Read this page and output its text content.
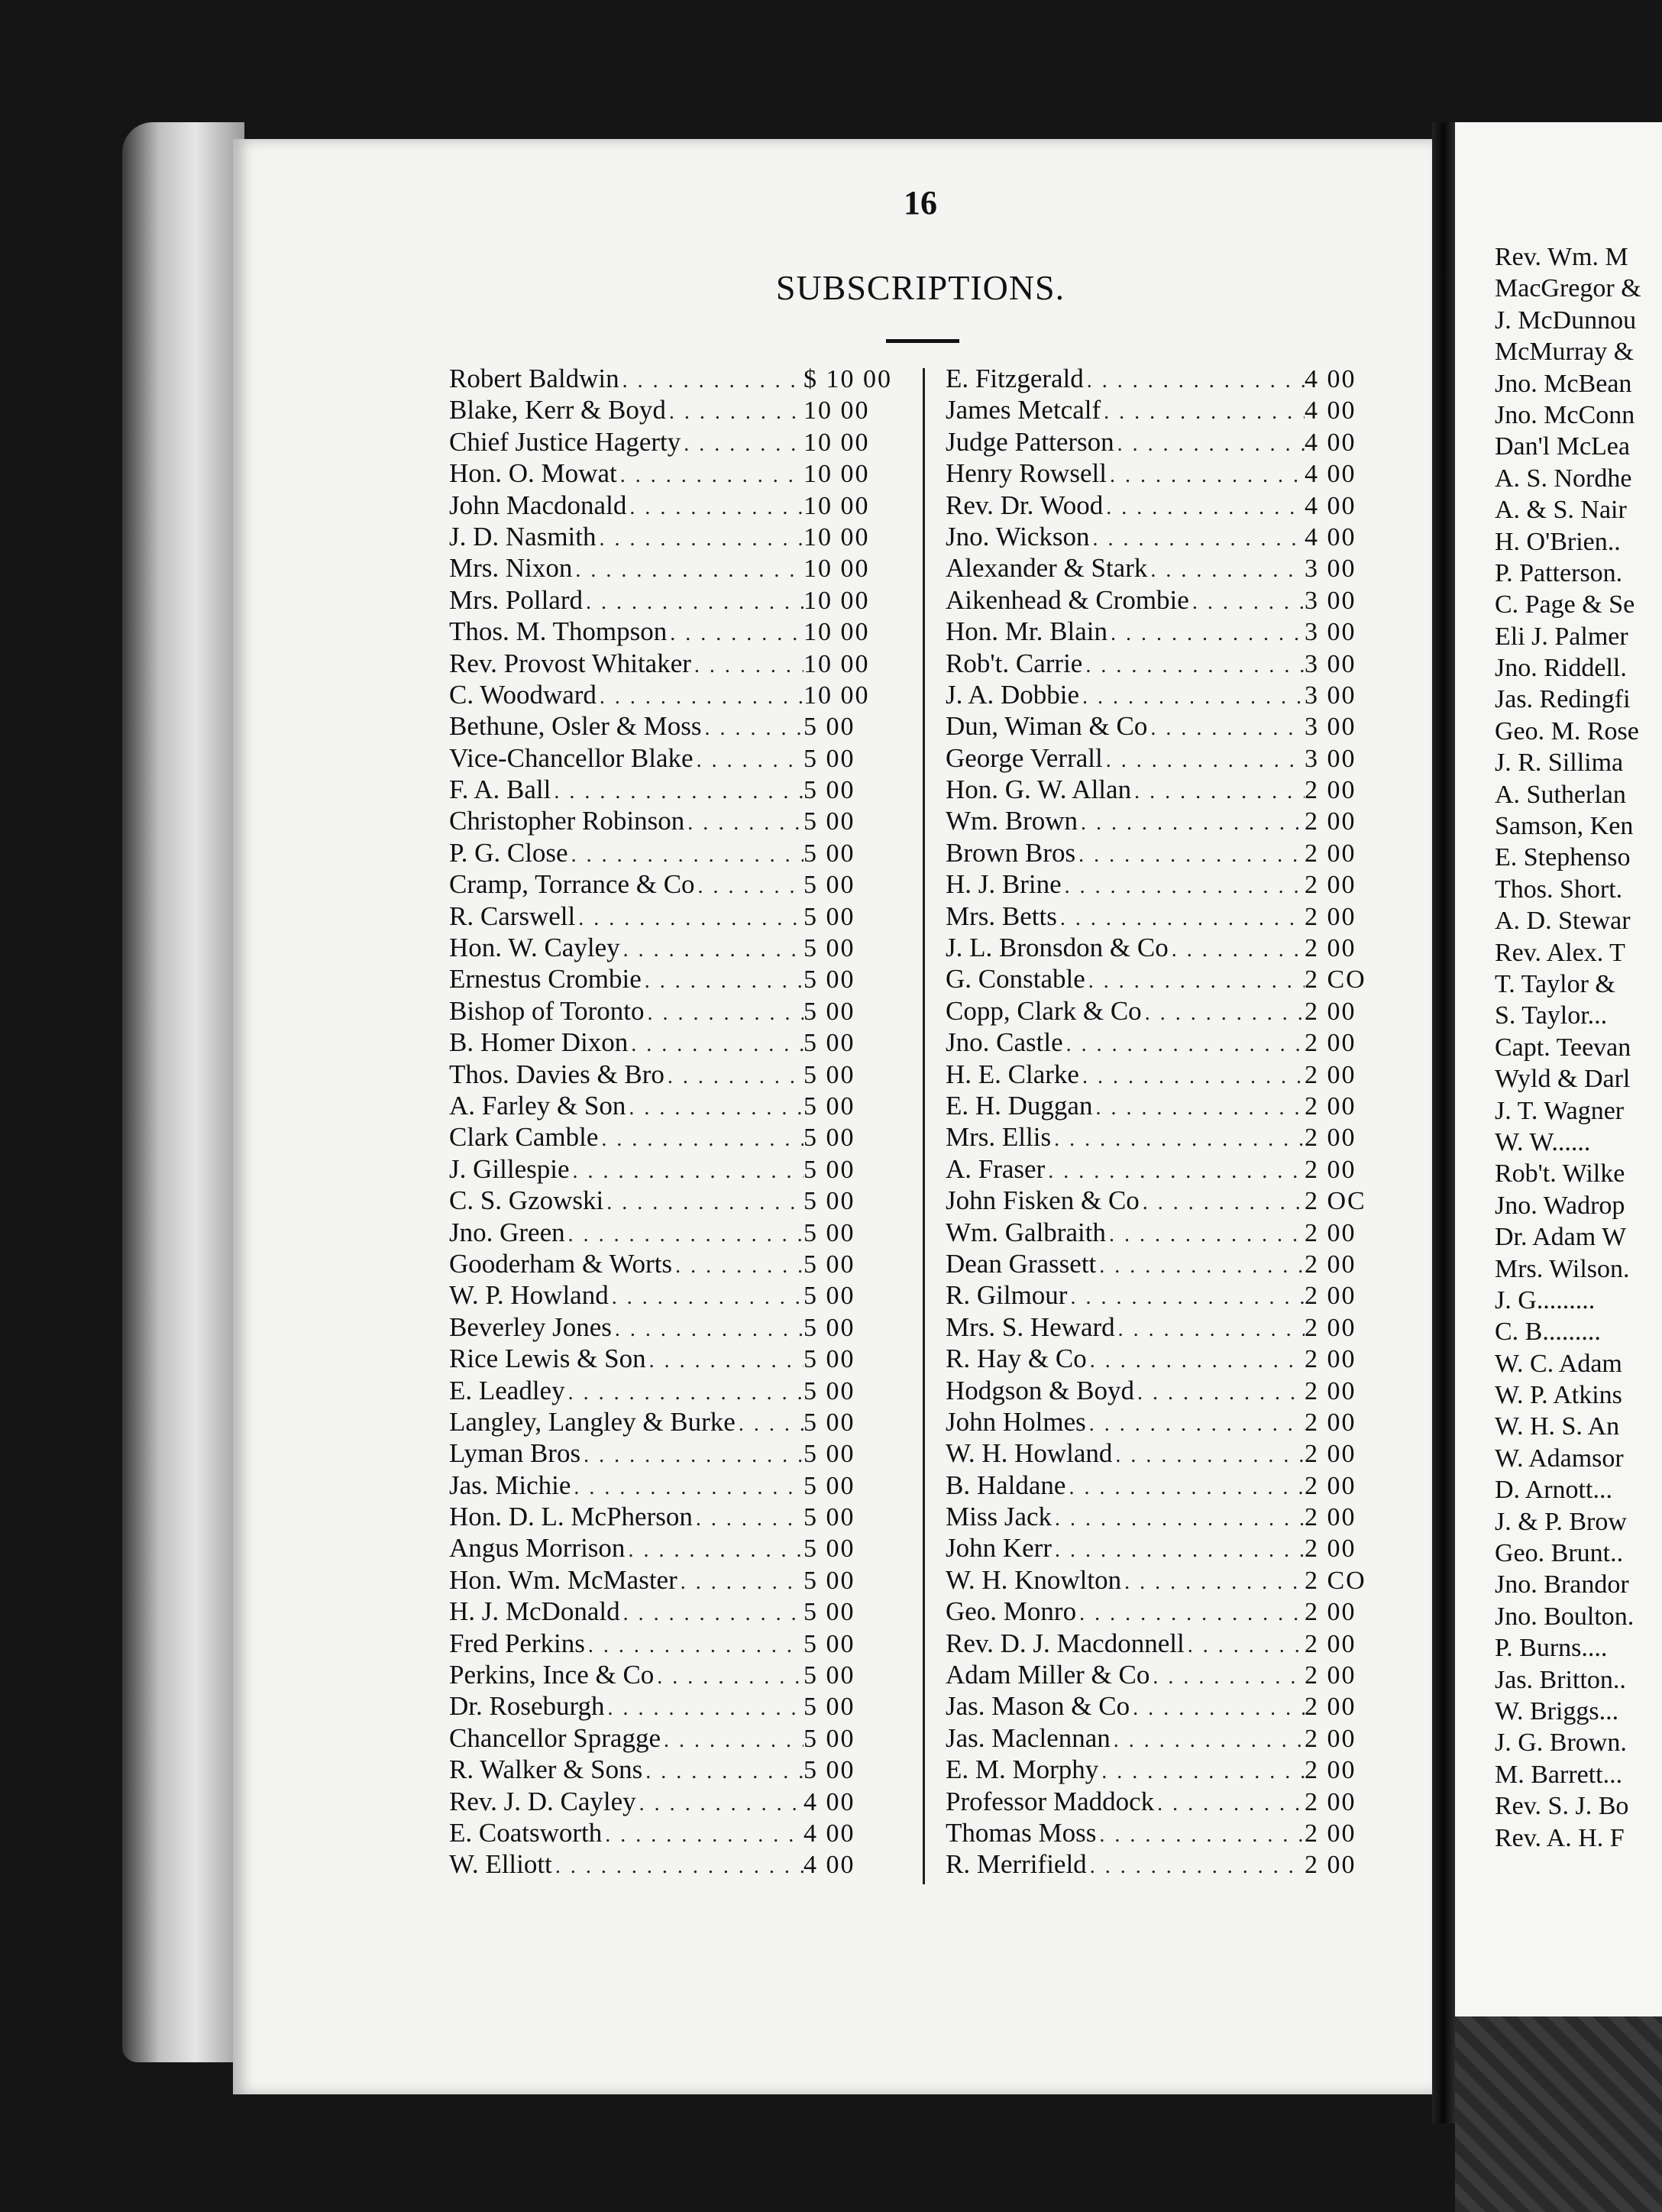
16
SUBSCRIPTIONS.
Robert Baldwin . . .	$ 10 00
Blake, Kerr & Boyd . . .	10 00
Chief Justice Hagerty . . .	10 00
Hon. O. Mowat . . .	10 00
John Macdonald . . .	10 00
J. D. Nasmith . . .	10 00
Mrs. Nixon . . .	10 00
Mrs. Pollard . . .	10 00
Thos. M. Thompson . . .	10 00
Rev. Provost Whitaker . . .	10 00
C. Woodward . . .	10 00
Bethune, Osler & Moss . . .	5 00
Vice-Chancellor Blake . . .	5 00
F. A. Ball . . .	5 00
Christopher Robinson . . .	5 00
P. G. Close . . .	5 00
Cramp, Torrance & Co . . .	5 00
R. Carswell . . .	5 00
Hon. W. Cayley . . .	5 00
Ernestus Crombie . . .	5 00
Bishop of Toronto . . .	5 00
B. Homer Dixon . . .	5 00
Thos. Davies & Bro . . .	5 00
A. Farley & Son . . .	5 00
Clark Camble . . .	5 00
J. Gillespie . . .	5 00
C. S. Gzowski . . .	5 00
Jno. Green . . .	5 00
Gooderham & Worts . . .	5 00
W. P. Howland . . .	5 00
Beverley Jones . . .	5 00
Rice Lewis & Son . . .	5 00
E. Leadley . . .	5 00
Langley, Langley & Burke . . .	5 00
Lyman Bros . . .	5 00
Jas. Michie . . .	5 00
Hon. D. L. McPherson . . .	5 00
Angus Morrison . . .	5 00
Hon. Wm. McMaster . . .	5 00
H. J. McDonald . . .	5 00
Fred Perkins . . .	5 00
Perkins, Ince & Co . . .	5 00
Dr. Roseburgh . . .	5 00
Chancellor Spragge . . .	5 00
R. Walker & Sons . . .	5 00
Rev. J. D. Cayley . . .	4 00
E. Coatsworth . . .	4 00
W. Elliott . . .	4 00
E. Fitzgerald . . .	4 00
James Metcalf . . .	4 00
Judge Patterson . . .	4 00
Henry Rowsell . . .	4 00
Rev. Dr. Wood . . .	4 00
Jno. Wickson . . .	4 00
Alexander & Stark . . .	3 00
Aikenhead & Crombie . . .	3 00
Hon. Mr. Blain . . .	3 00
Rob't. Carrie . . .	3 00
J. A. Dobbie . . .	3 00
Dun, Wiman & Co . . .	3 00
George Verrall . . .	3 00
Hon. G. W. Allan . . .	2 00
Wm. Brown . . .	2 00
Brown Bros . . .	2 00
H. J. Brine . . .	2 00
Mrs. Betts . . .	2 00
J. L. Bronsdon & Co . . .	2 00
G. Constable . . .	2 CO
Copp, Clark & Co . . .	2 00
Jno. Castle . . .	2 00
H. E. Clarke . . .	2 00
E. H. Duggan . . .	2 00
Mrs. Ellis . . .	2 00
A. Fraser . . .	2 00
John Fisken & Co . . .	2 OC
Wm. Galbraith . . .	2 00
Dean Grassett . . .	2 00
R. Gilmour . . .	2 00
Mrs. S. Heward . . .	2 00
R. Hay & Co . . .	2 00
Hodgson & Boyd . . .	2 00
John Holmes . . .	2 00
W. H. Howland . . .	2 00
B. Haldane . . .	2 00
Miss Jack . . .	2 00
John Kerr . . .	2 00
W. H. Knowlton . . .	2 CO
Geo. Monro . . .	2 00
Rev. D. J. Macdonnell . . .	2 00
Adam Miller & Co . . .	2 00
Jas. Mason & Co . . .	2 00
Jas. Maclennan . . .	2 00
E. M. Morphy . . .	2 00
Professor Maddock . . .	2 00
Thomas Moss . . .	2 00
R. Merrifield . . .	2 00
Rev. Wm. M
MacGregor &
J. McDunnou
McMurray &
Jno. McBean
Jno. McConn
Dan'l McLea
A. S. Nordhe
A. & S. Nair
H. O'Brien..
P. Patterson.
C. Page & Se
Eli J. Palmer
Jno. Riddell.
Jas. Redingfi
Geo. M. Rose
J. R. Sillima
A. Sutherlan
Samson, Ken
E. Stephenso
Thos. Short.
A. D. Stewar
Rev. Alex. T
T. Taylor &
S. Taylor...
Capt. Teevan
Wyld & Darl
J. T. Wagner
W. W......
Rob't. Wilke
Jno. Wadrop
Dr. Adam W
Mrs. Wilson.
J. G.........
C. B.........
W. C. Adam
W. P. Atkins
W. H. S. An
W. Adamsor
D. Arnott...
J. & P. Brow
Geo. Brunt..
Jno. Brandor
Jno. Boulton.
P. Burns....
Jas. Britton..
W. Briggs...
J. G. Brown.
M. Barrett...
Rev. S. J. Bo
Rev. A. H. F
